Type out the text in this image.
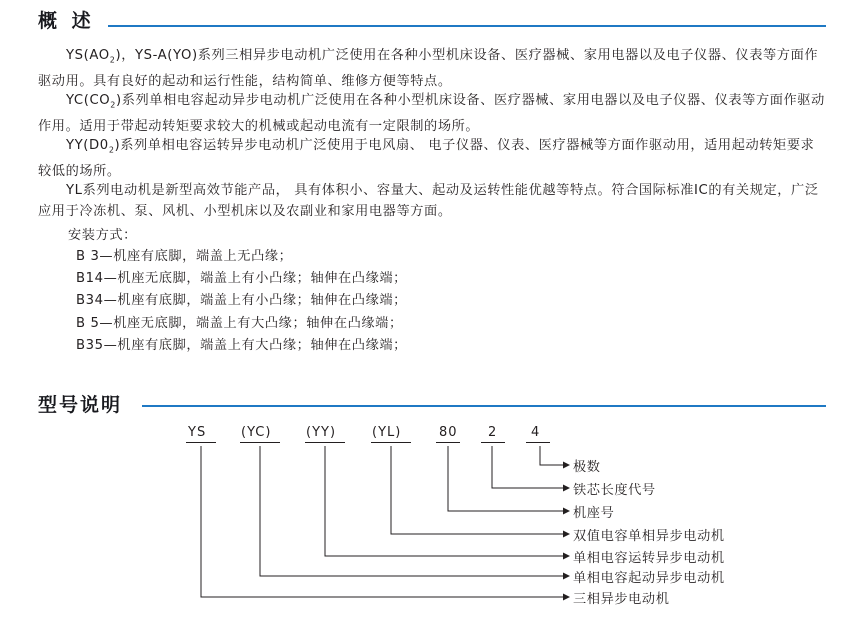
概 述

$YS(AO_2)$，YS-A(YO)系列三相异步电动机广泛使用在各种小型机床设备、医疗器械、家用电器以及电子仪器、仪表等方面作驱动用。具有良好的起动和运行性能，结构简单、维修方便等特点。

$YC(CO_2)$系列单相电容起动异步电动机广泛使用在各种小型机床设备、医疗器械、家用电器以及电子仪器、仪表等方面作驱动作用。适用于带起动转矩要求较大的机械或起动电流有一定限制的场所。

$YY(D0_2)$系列单相电容运转异步电动机广泛使用于电风扇、 电子仪器、仪表、医疗器械等方面作驱动用，适用起动转矩要求较低的场所。

YL系列电动机是新型高效节能产品， 具有体积小、容量大、起动及运转性能优越等特点。符合国际标准IC的有关规定，广泛应用于冷冻机、泵、风机、小型机床以及农副业和家用电器等方面。

安装方式：

B 3—机座有底脚，端盖上无凸缘；

B14—机座无底脚，端盖上有小凸缘；轴伸在凸缘端；

B34—机座有底脚，端盖上有小凸缘；轴伸在凸缘端；

B 5—机座无底脚，端盖上有大凸缘；轴伸在凸缘端；

B35—机座有底脚，端盖上有大凸缘；轴伸在凸缘端；

型号说明
YS	(YC)	(YY)	(YL)	80 2	4
极数
铁芯长度代号
机座号
双值电容单相异步电动机
单相电容运转异步电动机
单相电容起动异步电动机
三相异步电动机
